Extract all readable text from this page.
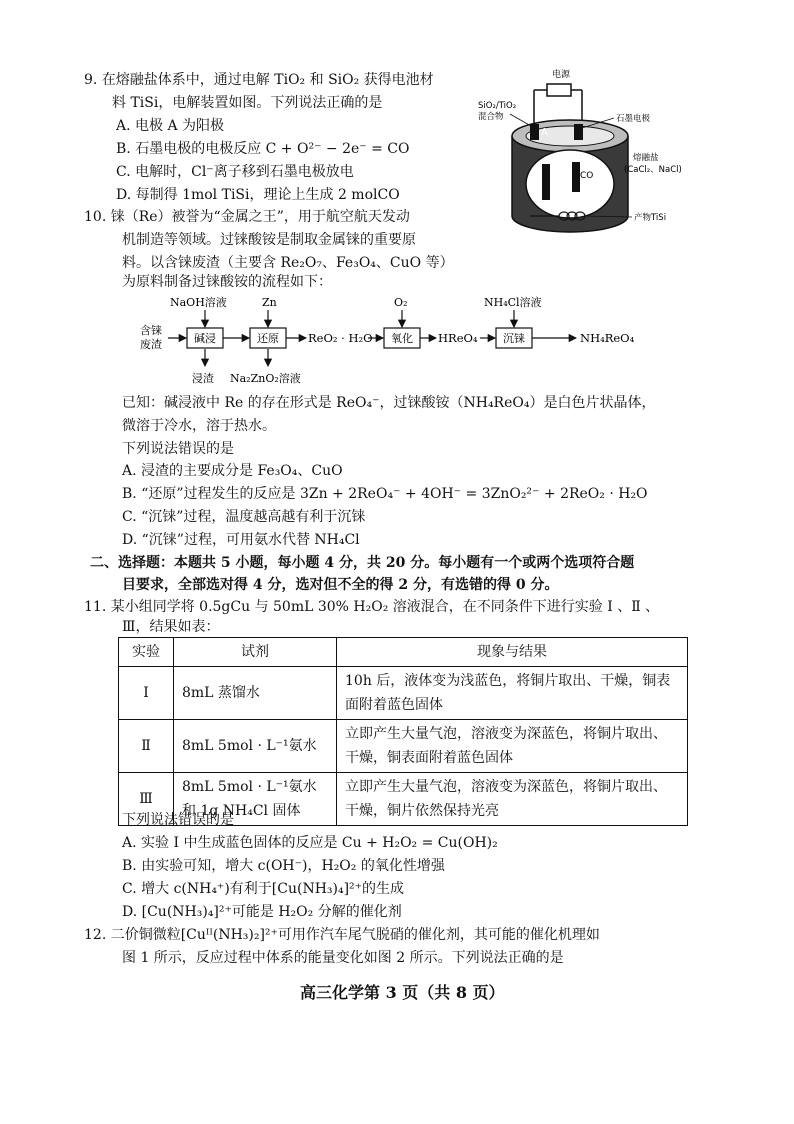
9. 在熔融盐体系中，通过电解 TiO₂ 和 SiO₂ 获得电池材
料 TiSi，电解装置如图。下列说法正确的是
A. 电极 A 为阳极
B. 石墨电极的电极反应 C + O²⁻ − 2e⁻ = CO
C. 电解时，Cl⁻离子移到石墨电极放电
D. 每制得 1mol TiSi，理论上生成 2 molCO
电源
SiO₂/TiO₂
混合物
A
石墨电极
熔融盐
(CaCl₂、NaCl)
CO
产物TiSi
10. 铼（Re）被誉为“金属之王”，用于航空航天发动
机制造等领域。过铼酸铵是制取金属铼的重要原
料。以含铼废渣（主要含 Re₂O₇、Fe₃O₄、CuO 等）
为原料制备过铼酸铵的流程如下：
含铼
废渣	碱浸
NaOH溶液
浸渣
还原
Zn
Na₂ZnO₂溶液
ReO₂ · H₂O 氧化
O₂
HReO₄ 沉铼
NH₄Cl溶液
NH₄ReO₄
已知：碱浸液中 Re 的存在形式是 ReO₄⁻，过铼酸铵（NH₄ReO₄）是白色片状晶体，
微溶于冷水，溶于热水。
下列说法错误的是
A. 浸渣的主要成分是 Fe₃O₄、CuO
B. “还原”过程发生的反应是 3Zn + 2ReO₄⁻ + 4OH⁻ = 3ZnO₂²⁻ + 2ReO₂ · H₂O
C. “沉铼”过程，温度越高越有利于沉铼
D. “沉铼”过程，可用氨水代替 NH₄Cl
二、选择题：本题共 5 小题，每小题 4 分，共 20 分。每小题有一个或两个选项符合题
目要求，全部选对得 4 分，选对但不全的得 2 分，有选错的得 0 分。
11. 某小组同学将 0.5gCu 与 50mL 30% H₂O₂ 溶液混合，在不同条件下进行实验 Ⅰ 、Ⅱ 、
Ⅲ，结果如表：
实验	试剂	现象与结果
Ⅰ	8mL 蒸馏水	10h 后，液体变为浅蓝色，将铜片取出、干燥，铜表面附着蓝色固体
Ⅱ	8mL 5mol · L⁻¹氨水	立即产生大量气泡，溶液变为深蓝色，将铜片取出、干燥，铜表面附着蓝色固体
Ⅲ	8mL 5mol · L⁻¹氨水和 1g NH₄Cl 固体	立即产生大量气泡，溶液变为深蓝色，将铜片取出、干燥，铜片依然保持光亮
下列说法错误的是
A. 实验 Ⅰ 中生成蓝色固体的反应是 Cu + H₂O₂ = Cu(OH)₂
B. 由实验可知，增大 c(OH⁻)，H₂O₂ 的氧化性增强
C. 增大 c(NH₄⁺)有利于[Cu(NH₃)₄]²⁺的生成
D. [Cu(NH₃)₄]²⁺可能是 H₂O₂ 分解的催化剂
12. 二价铜微粒[Cuᴵᴵ(NH₃)₂]²⁺可用作汽车尾气脱硝的催化剂，其可能的催化机理如
图 1 所示，反应过程中体系的能量变化如图 2 所示。下列说法正确的是
高三化学第 3 页（共 8 页）
